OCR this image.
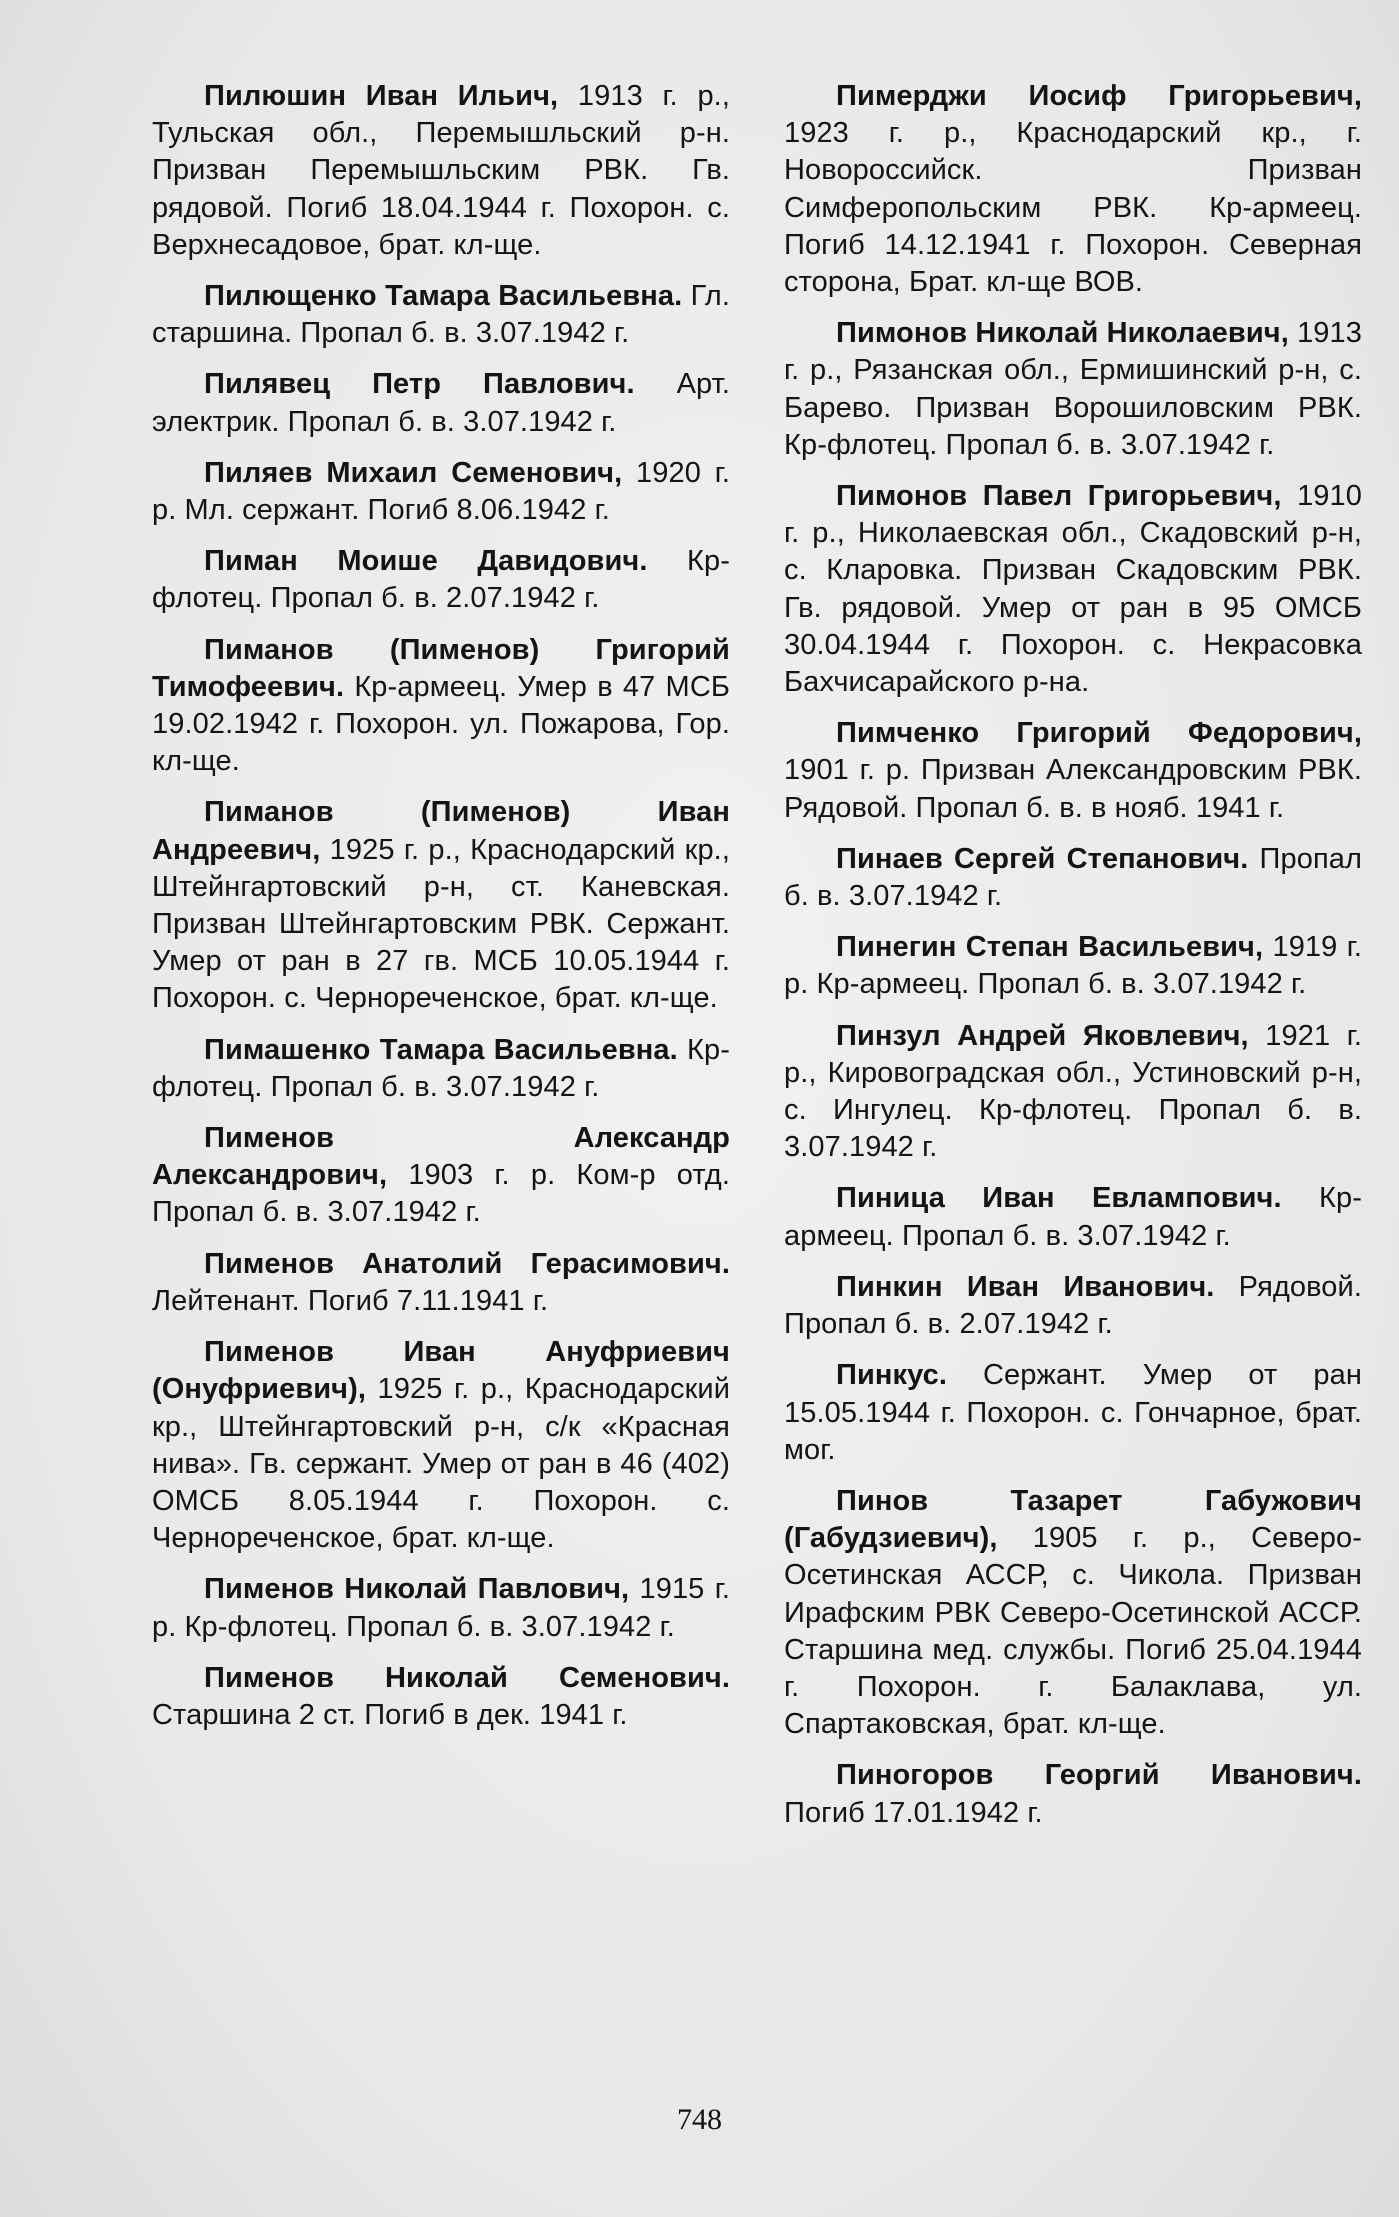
Пилюшин Иван Ильич, 1913 г. р., Тульская обл., Перемышльский р-н. Призван Перемышльским РВК. Гв. рядовой. Погиб 18.04.1944 г. Похорон. с. Верхнесадовое, брат. кл-ще.

Пилющенко Тамара Васильевна. Гл. старшина. Пропал б. в. 3.07.1942 г.

Пилявец Петр Павлович. Арт. электрик. Пропал б. в. 3.07.1942 г.

Пиляев Михаил Семенович, 1920 г. р. Мл. сержант. Погиб 8.06.1942 г.

Пиман Моише Давидович. Кр-флотец. Пропал б. в. 2.07.1942 г.

Пиманов (Пименов) Григорий Тимофеевич. Кр-армеец. Умер в 47 МСБ 19.02.1942 г. Похорон. ул. Пожарова, Гор. кл-ще.

Пиманов (Пименов) Иван Андреевич, 1925 г. р., Краснодарский кр., Штейнгартовский р-н, ст. Каневская. Призван Штейнгартовским РВК. Сержант. Умер от ран в 27 гв. МСБ 10.05.1944 г. Похорон. с. Чернореченское, брат. кл-ще.

Пимашенко Тамара Васильевна. Кр-флотец. Пропал б. в. 3.07.1942 г.

Пименов Александр Александрович, 1903 г. р. Ком-р отд. Пропал б. в. 3.07.1942 г.

Пименов Анатолий Герасимович. Лейтенант. Погиб 7.11.1941 г.

Пименов Иван Ануфриевич (Онуфриевич), 1925 г. р., Краснодарский кр., Штейнгартовский р-н, с/к «Красная нива». Гв. сержант. Умер от ран в 46 (402) ОМСБ 8.05.1944 г. Похорон. с. Чернореченское, брат. кл-ще.

Пименов Николай Павлович, 1915 г. р. Кр-флотец. Пропал б. в. 3.07.1942 г.

Пименов Николай Семенович. Старшина 2 ст. Погиб в дек. 1941 г.

Пимерджи Иосиф Григорьевич, 1923 г. р., Краснодарский кр., г. Новороссийск. Призван Симферопольским РВК. Кр-армеец. Погиб 14.12.1941 г. Похорон. Северная сторона, Брат. кл-ще ВОВ.

Пимонов Николай Николаевич, 1913 г. р., Рязанская обл., Ермишинский р-н, с. Барево. Призван Ворошиловским РВК. Кр-флотец. Пропал б. в. 3.07.1942 г.

Пимонов Павел Григорьевич, 1910 г. р., Николаевская обл., Скадовский р-н, с. Кларовка. Призван Скадовским РВК. Гв. рядовой. Умер от ран в 95 ОМСБ 30.04.1944 г. Похорон. с. Некрасовка Бахчисарайского р-на.

Пимченко Григорий Федорович, 1901 г. р. Призван Александровским РВК. Рядовой. Пропал б. в. в нояб. 1941 г.

Пинаев Сергей Степанович. Пропал б. в. 3.07.1942 г.

Пинегин Степан Васильевич, 1919 г. р. Кр-армеец. Пропал б. в. 3.07.1942 г.

Пинзул Андрей Яковлевич, 1921 г. р., Кировоградская обл., Устиновский р-н, с. Ингулец. Кр-флотец. Пропал б. в. 3.07.1942 г.

Пиница Иван Евлампович. Кр-армеец. Пропал б. в. 3.07.1942 г.

Пинкин Иван Иванович. Рядовой. Пропал б. в. 2.07.1942 г.

Пинкус. Сержант. Умер от ран 15.05.1944 г. Похорон. с. Гончарное, брат. мог.

Пинов Тазарет Габужович (Габудзиевич), 1905 г. р., Северо-Осетинская АССР, с. Чикола. Призван Ирафским РВК Северо-Осетинской АССР. Старшина мед. службы. Погиб 25.04.1944 г. Похорон. г. Балаклава, ул. Спартаковская, брат. кл-ще.

Пиногоров Георгий Иванович. Погиб 17.01.1942 г.

748
